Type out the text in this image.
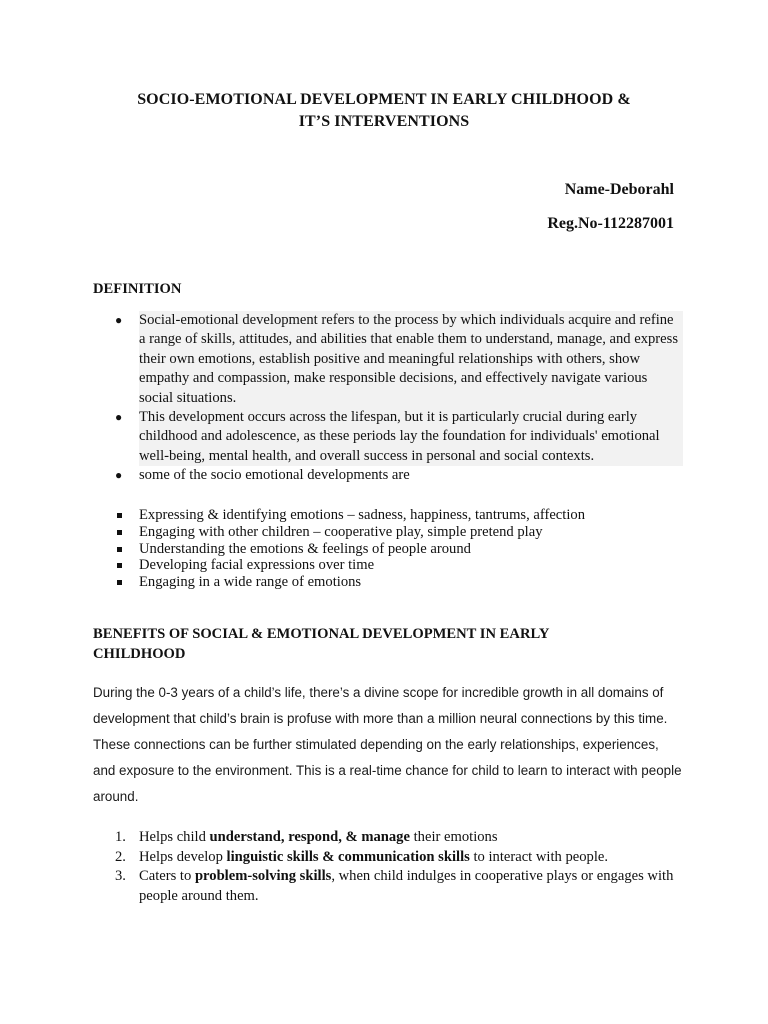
SOCIO-EMOTIONAL DEVELOPMENT IN EARLY CHILDHOOD &
IT’S INTERVENTIONS
Name-Deborahl
Reg.No-112287001
DEFINITION
● Social-emotional development refers to the process by which individuals acquire and refine a range of skills, attitudes, and abilities that enable them to understand, manage, and express their own emotions, establish positive and meaningful relationships with others, show empathy and compassion, make responsible decisions, and effectively navigate various social situations.
● This development occurs across the lifespan, but it is particularly crucial during early childhood and adolescence, as these periods lay the foundation for individuals' emotional well-being, mental health, and overall success in personal and social contexts.
● some of the socio emotional developments are
Expressing & identifying emotions – sadness, happiness, tantrums, affection
Engaging with other children – cooperative play, simple pretend play
Understanding the emotions & feelings of people around
Developing facial expressions over time
Engaging in a wide range of emotions
BENEFITS OF SOCIAL & EMOTIONAL DEVELOPMENT IN EARLY
CHILDHOOD

During the 0-3 years of a child’s life, there’s a divine scope for incredible growth in all domains of development that child’s brain is profuse with more than a million neural connections by this time. These connections can be further stimulated depending on the early relationships, experiences, and exposure to the environment. This is a real-time chance for child to learn to interact with people around.

1. Helps child understand, respond, & manage their emotions
2. Helps develop linguistic skills & communication skills to interact with people.
3. Caters to problem-solving skills, when child indulges in cooperative plays or engages with people around them.
